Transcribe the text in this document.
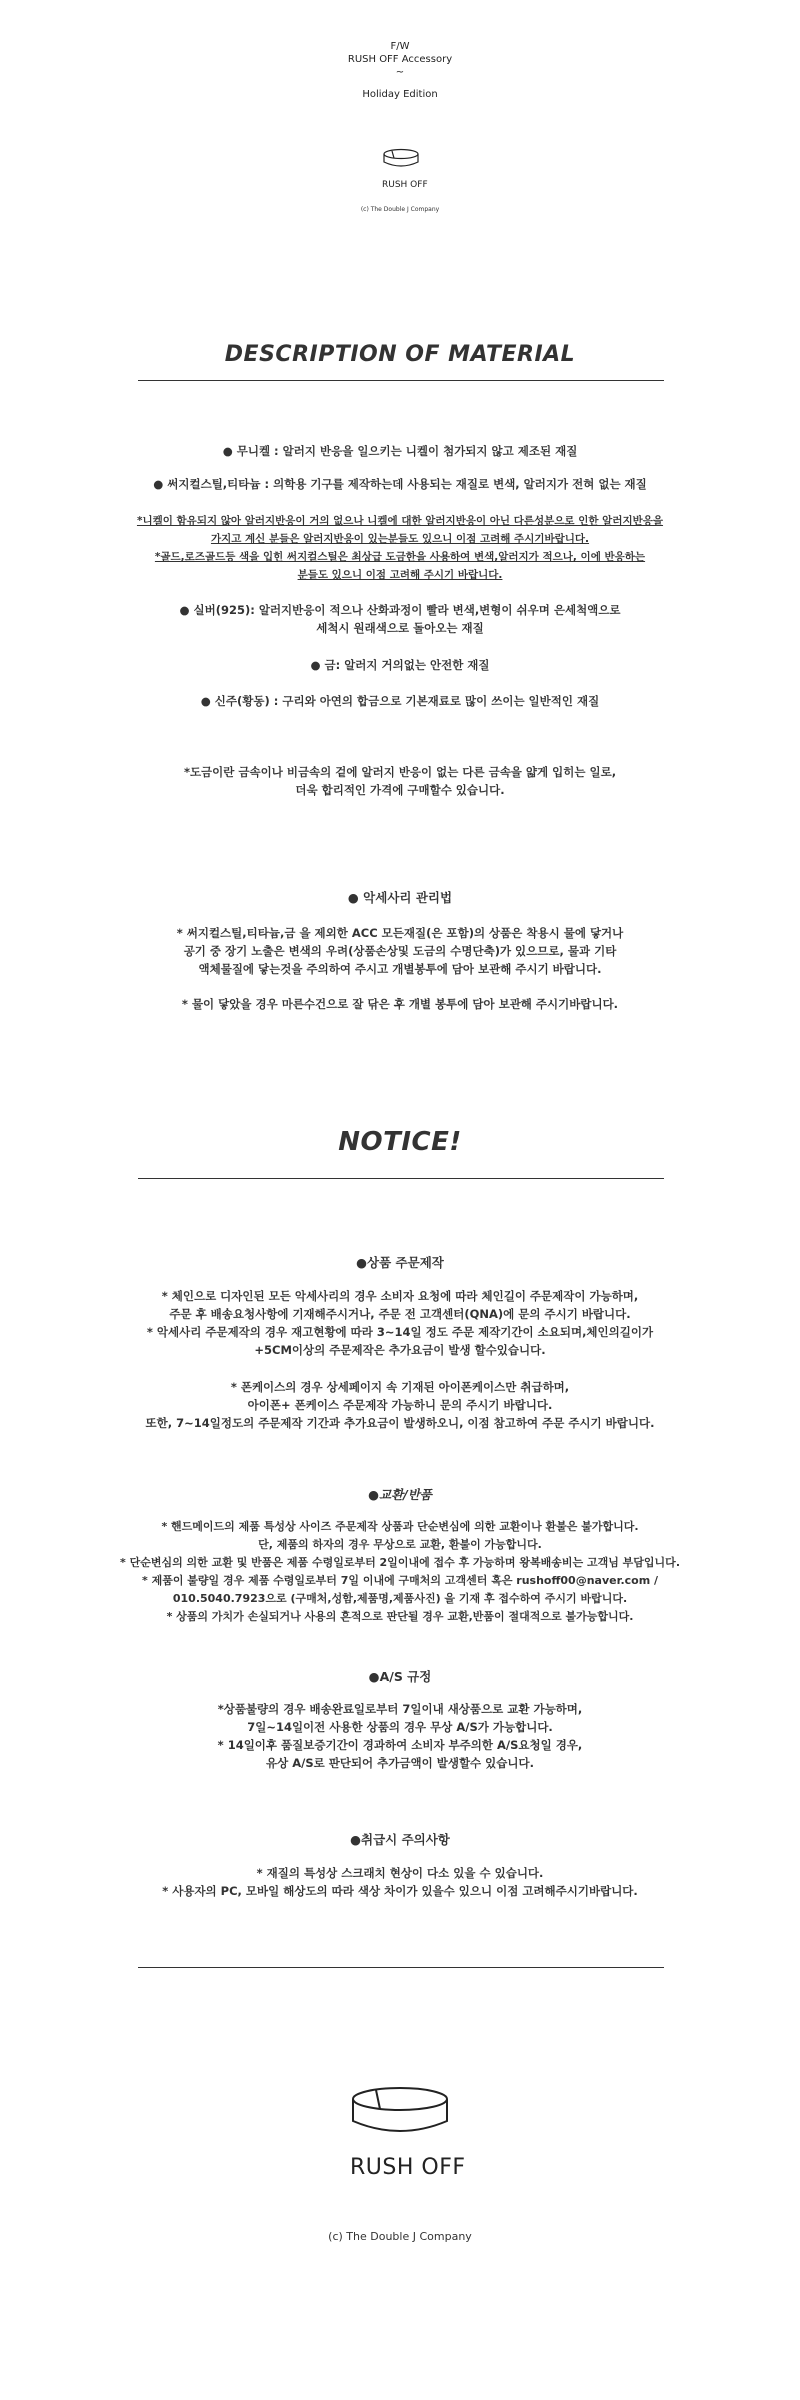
F/W
RUSH OFF Accessory
~
Holiday Edition
RUSH OFF
(c) The Double J Company
DESCRIPTION OF MATERIAL
● 무니켈 : 알러지 반응을 일으키는 니켈이 첨가되지 않고 제조된 재질
● 써지컬스틸,티타늄 : 의학용 기구를 제작하는데 사용되는 재질로 변색, 알러지가 전혀 없는 재질
*니켈이 함유되지 않아 알러지반응이 거의 없으나 니켈에 대한 알러지반응이 아닌 다른성분으로 인한 알러지반응을
가지고 계신 분들은 알러지반응이 있는분들도 있으니 이점 고려해 주시기바랍니다.
*골드,로즈골드등 색을 입힌 써지컬스틸은 최상급 도금한을 사용하여 변색,알러지가 적으나, 이에 반응하는
분들도 있으니 이점 고려해 주시기 바랍니다.
● 실버(925): 알러지반응이 적으나 산화과정이 빨라 변색,변형이 쉬우며 은세척액으로
세척시 원래색으로 돌아오는 재질
● 금: 알러지 거의없는 안전한 재질
● 신주(황동) : 구리와 아연의 합금으로 기본재료로 많이 쓰이는 일반적인 재질
*도금이란 금속이나 비금속의 겉에 알러지 반응이 없는 다른 금속을 얇게 입히는 일로,
더욱 합리적인 가격에 구매할수 있습니다.
● 악세사리 관리법
* 써지컬스틸,티타늄,금 을 제외한 ACC 모든재질(은 포함)의 상품은 착용시 물에 닿거나
공기 중 장기 노출은 변색의 우려(상품손상및 도금의 수명단축)가 있으므로, 물과 기타
액체물질에 닿는것을 주의하여 주시고 개별봉투에 담아 보관해 주시기 바랍니다.
* 물이 닿았을 경우 마른수건으로 잘 닦은 후 개별 봉투에 담아 보관해 주시기바랍니다.
NOTICE!
●상품 주문제작
* 체인으로 디자인된 모든 악세사리의 경우 소비자 요청에 따라 체인길이 주문제작이 가능하며,
주문 후 배송요청사항에 기재해주시거나, 주문 전 고객센터(QNA)에 문의 주시기 바랍니다.
* 악세사리 주문제작의 경우 재고현황에 따라 3~14일 정도 주문 제작기간이 소요되며,체인의길이가
+5CM이상의 주문제작은 추가요금이 발생 할수있습니다.
* 폰케이스의 경우 상세페이지 속 기재된 아이폰케이스만 취급하며,
아이폰+ 폰케이스 주문제작 가능하니 문의 주시기 바랍니다.
또한, 7~14일정도의 주문제작 기간과 추가요금이 발생하오니, 이점 참고하여 주문 주시기 바랍니다.
●교환/반품
* 핸드메이드의 제품 특성상 사이즈 주문제작 상품과 단순변심에 의한 교환이나 환불은 불가합니다.
단, 제품의 하자의 경우 무상으로 교환, 환불이 가능합니다.
* 단순변심의 의한 교환 및 반품은 제품 수령일로부터 2일이내에 접수 후 가능하며 왕복배송비는 고객님 부담입니다.
* 제품이 불량일 경우 제품 수령일로부터 7일 이내에 구매처의 고객센터 혹은 rushoff00@naver.com /
010.5040.7923으로 (구매처,성함,제품명,제품사진) 을 기재 후 접수하여 주시기 바랍니다.
* 상품의 가치가 손실되거나 사용의 흔적으로 판단될 경우 교환,반품이 절대적으로 불가능합니다.
●A/S 규정
*상품불량의 경우 배송완료일로부터 7일이내 새상품으로 교환 가능하며,
7일~14일이전 사용한 상품의 경우 무상 A/S가 가능합니다.
* 14일이후 품질보증기간이 경과하여 소비자 부주의한 A/S요청일 경우,
유상 A/S로 판단되어 추가금액이 발생할수 있습니다.
●취급시 주의사항
* 재질의 특성상 스크래치 현상이 다소 있을 수 있습니다.
* 사용자의 PC, 모바일 해상도의 따라 색상 차이가 있을수 있으니 이점 고려해주시기바랍니다.
RUSH OFF
(c) The Double J Company
